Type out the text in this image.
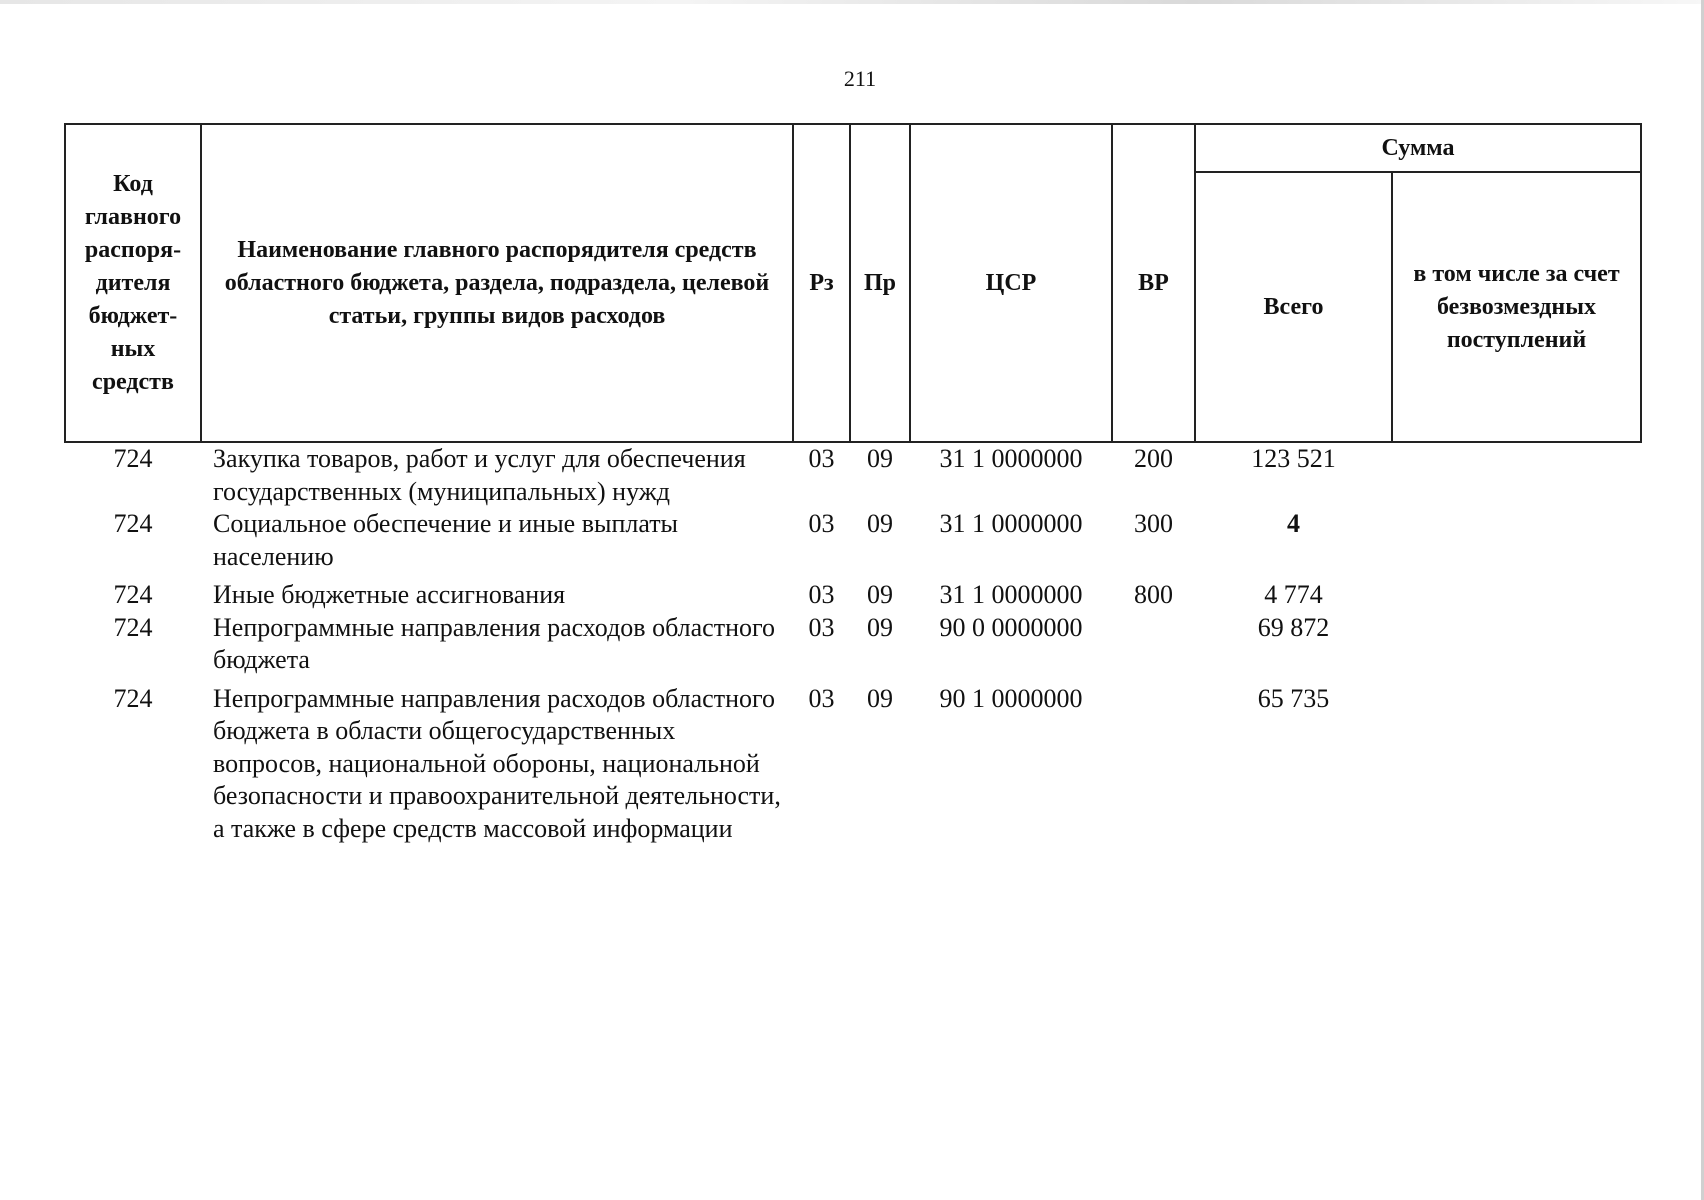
211
Код главного распоря-дителя бюджет-ных средств	Наименование главного распорядителя средств областного бюджета, раздела, подраздела, целевой статьи, группы видов расходов	Рз	Пр	ЦСР	ВР	Сумма	
						Всего	в том числе за счет безвозмездных поступлений
724	Закупка товаров, работ и услуг для обеспечения государственных (муниципальных) нужд	03	09	31 1 0000000	200	123 521	
724	Социальное обеспечение и иные выплаты населению	03	09	31 1 0000000	300	4	
724	Иные бюджетные ассигнования	03	09	31 1 0000000	800	4 774	
724	Непрограммные направления расходов областного бюджета	03	09	90 0 0000000		69 872	
724	Непрограммные направления расходов областного бюджета в области общегосударственных вопросов, национальной обороны, национальной безопасности и правоохранительной деятельности, а также в сфере средств массовой информации	03	09	90 1 0000000		65 735	
